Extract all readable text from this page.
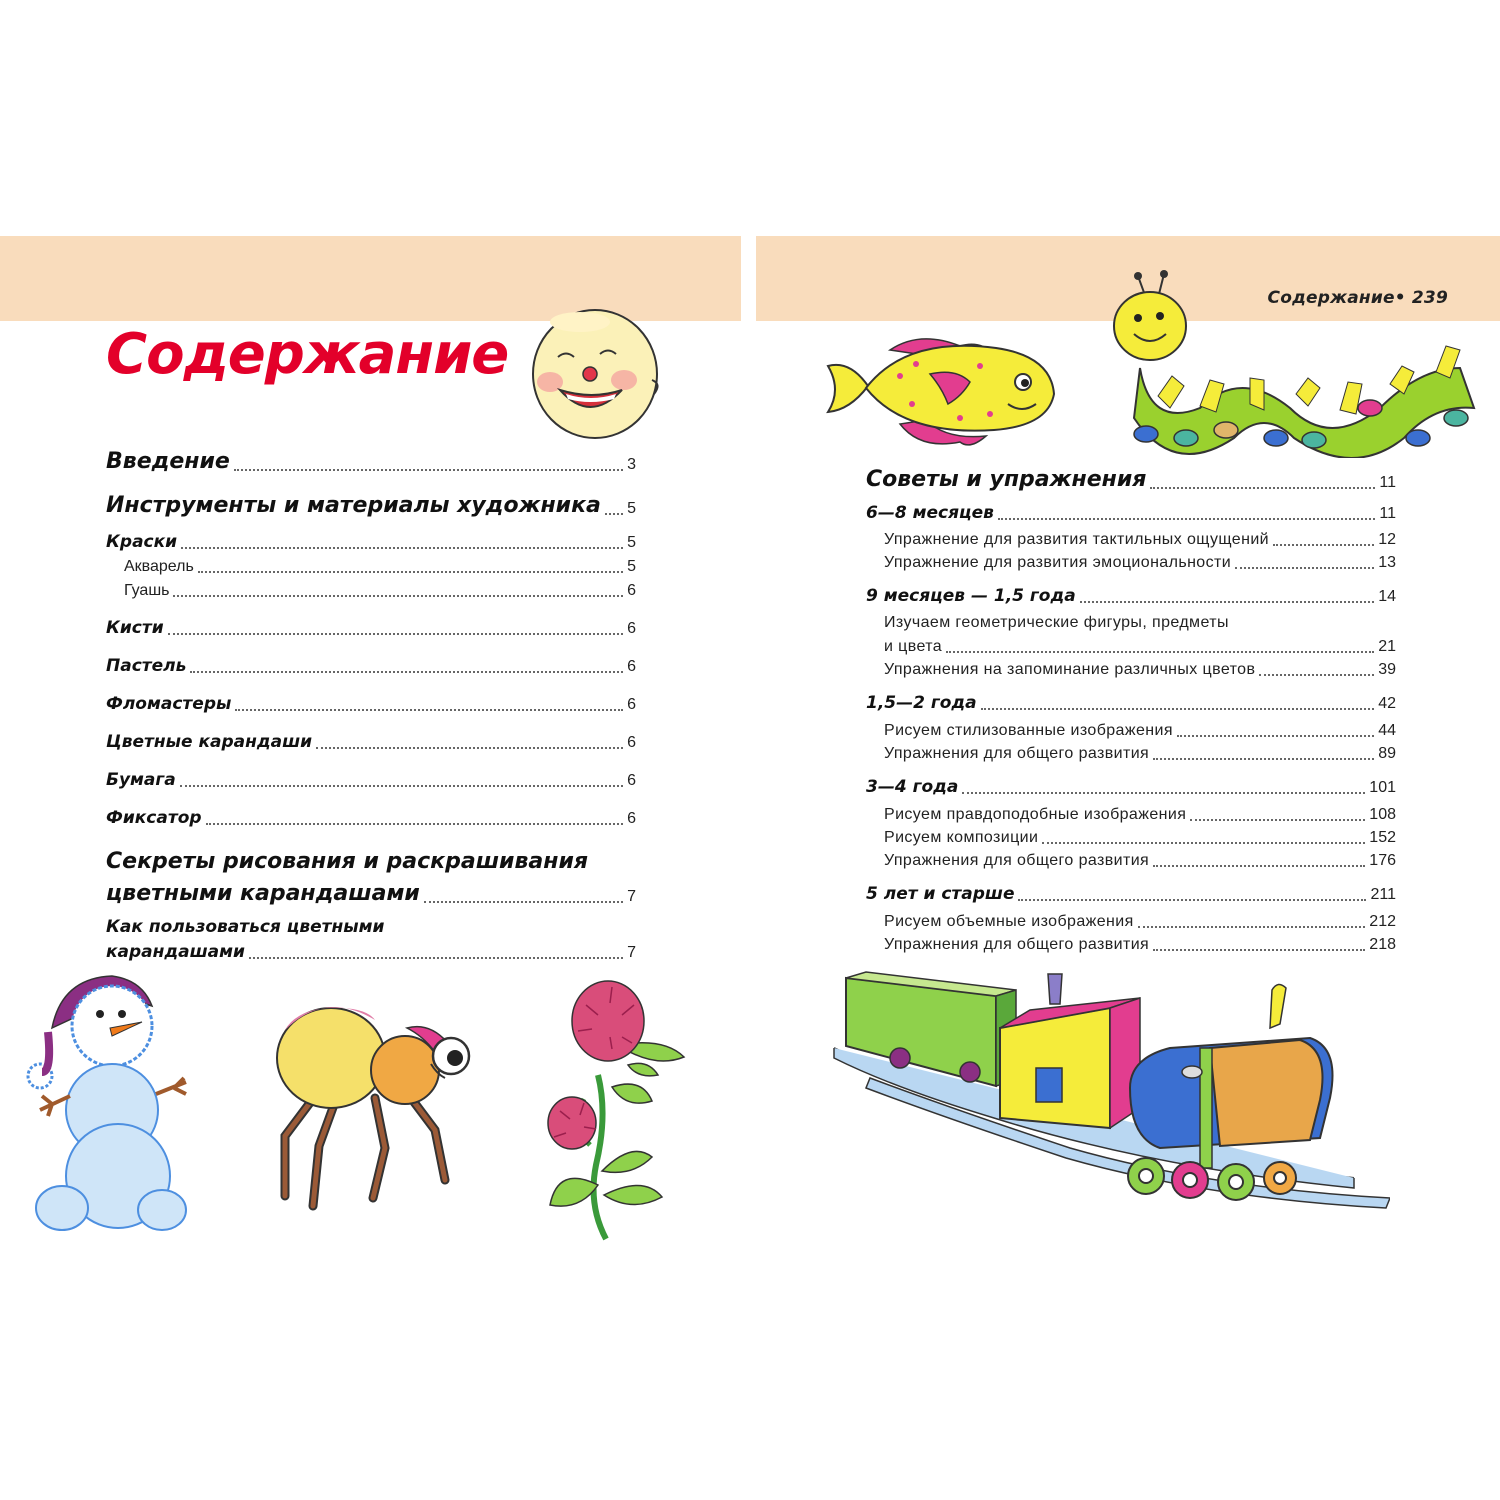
Содержание• 239
Содержание
Введение	3
Инструменты и материалы художника 5
Краски	5
Акварель	5
Гуашь	6
Кисти	6
Пастель	6
Фломастеры	6
Цветные карандаши	6
Бумага	6
Фиксатор	6
Секреты рисования и раскрашивания
цветными карандашами	7
Как пользоваться цветными
карандашами	7
Советы и упражнения	11
6—8 месяцев	11
Упражнение для развития тактильных ощущений	12
Упражнение для развития эмоциональности	13
9 месяцев — 1,5 года	14
Изучаем геометрические фигуры, предметы
и цвета	21
Упражнения на запоминание различных цветов	39
1,5—2 года	42
Рисуем стилизованные изображения	44
Упражнения для общего развития	89
3—4 года	101
Рисуем правдоподобные изображения	108
Рисуем композиции	152
Упражнения для общего развития	176
5 лет и старше	211
Рисуем объемные изображения	212
Упражнения для общего развития	218
